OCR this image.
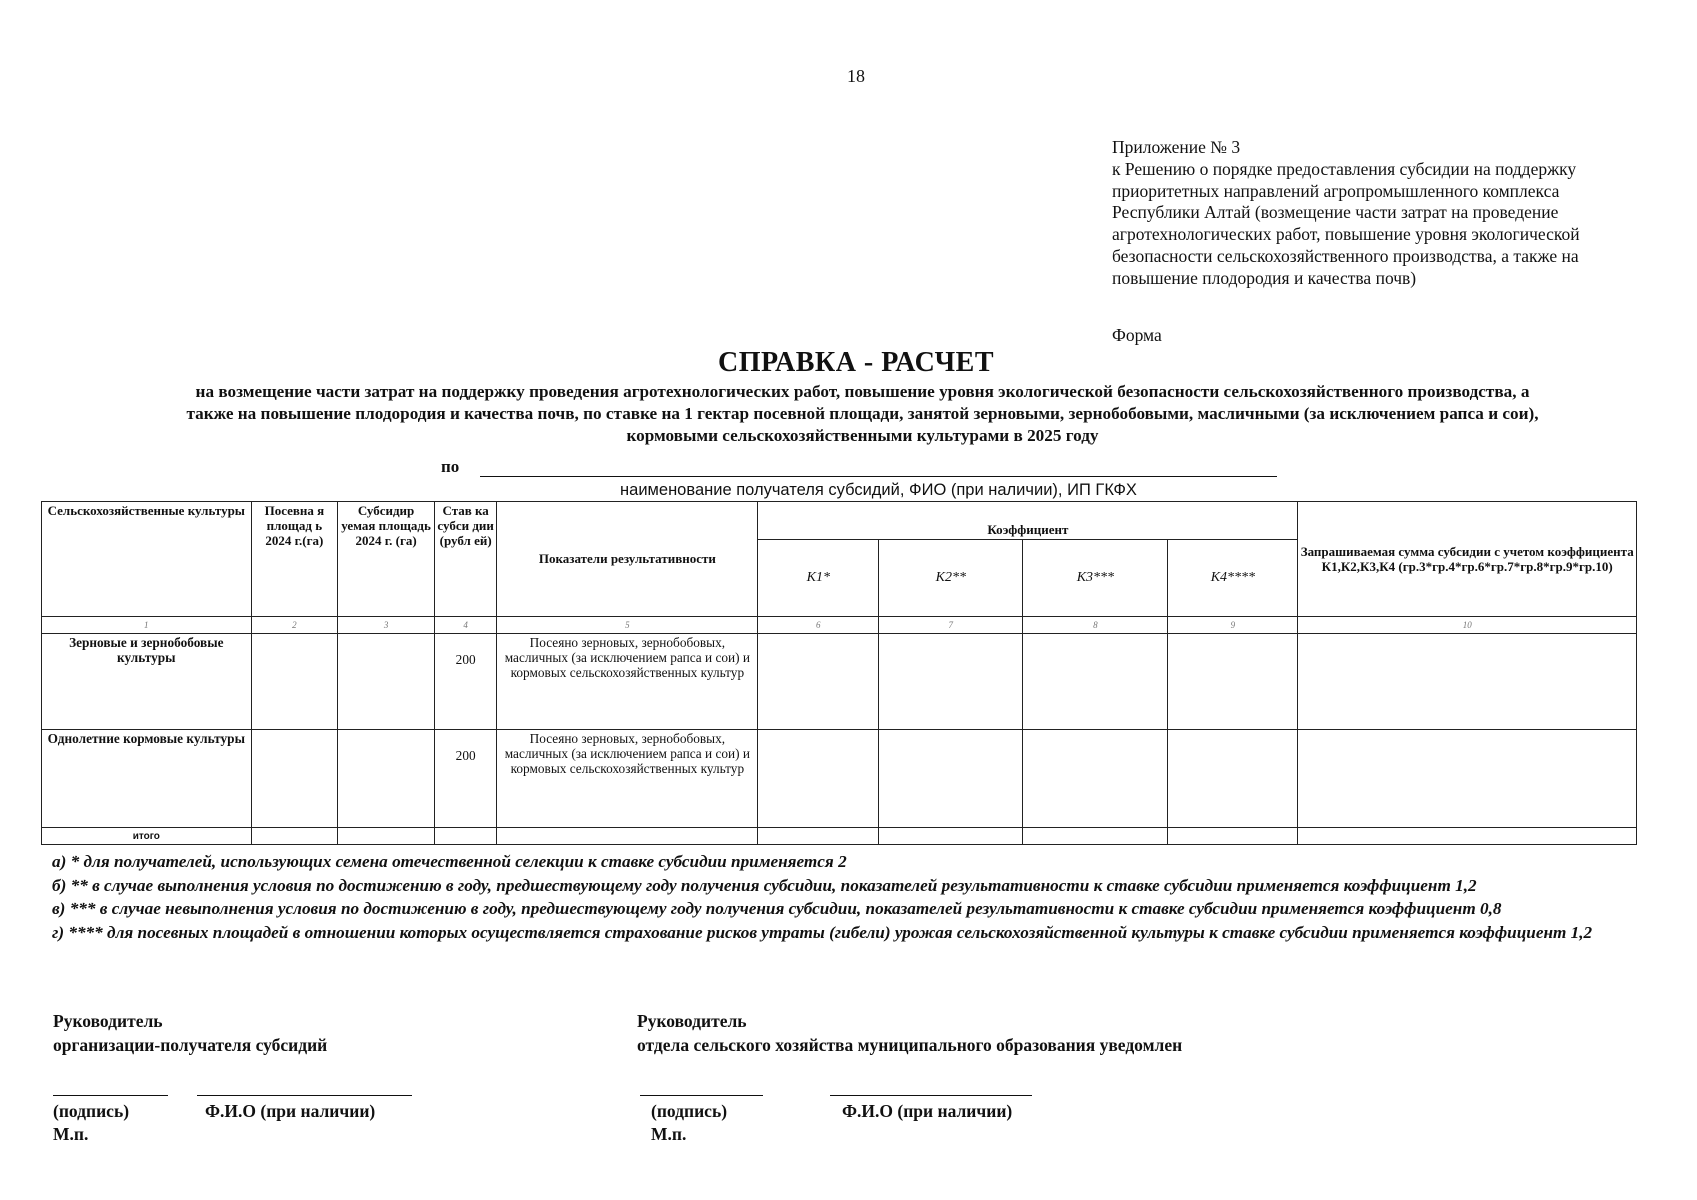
18
Приложение № 3
к Решению о порядке предоставления субсидии на поддержку
приоритетных направлений агропромышленного комплекса
Республики Алтай (возмещение части затрат на проведение
агротехнологических работ, повышение уровня экологической
безопасности сельскохозяйственного производства, а также на
повышение плодородия и качества почв)
Форма
СПРАВКА - РАСЧЕТ
на возмещение части затрат на поддержку проведения агротехнологических работ, повышение уровня экологической безопасности сельскохозяйственного производства, а
также на повышение плодородия и качества почв, по ставке на 1 гектар посевной площади, занятой зерновыми, зернобобовыми, масличными (за исключением рапса и сои),
кормовыми сельскохозяйственными культурами в 2025 году
по
наименование получателя субсидий, ФИО (при наличии), ИП ГКФХ
Сельскохозяйственные культуры	Посевна я площад ь 2024 г.(га)	Субсидир уемая площадь 2024 г. (га)	Став ка субси дии (рубл ей)	Показатели результативности	Коэффициент				Запрашиваемая сумма субсидии с учетом коэффициента К1,К2,К3,К4 (гр.3*гр.4*гр.6*гр.7*гр.8*гр.9*гр.10)
					К1*	К2**	К3***	К4****	
1	2	3	4	5	6	7	8	9	10
Зерновые и зернобобовые культуры			200	Посеяно зерновых, зернобобовых, масличных (за исключением рапса и сои) и кормовых сельскохозяйственных культур					
Однолетние кормовые культуры			200	Посеяно зерновых, зернобобовых, масличных (за исключением рапса и сои) и кормовых сельскохозяйственных культур					
итого									

а) * для получателей, использующих семена отечественной селекции к ставке субсидии применяется 2

б) ** в случае выполнения условия по достижению в году, предшествующему году получения субсидии, показателей результативности к ставке субсидии применяется коэффициент 1,2

в) *** в случае невыполнения условия по достижению в году, предшествующему году получения субсидии, показателей результативности к ставке субсидии применяется коэффициент 0,8

г) **** для посевных площадей в отношении которых осуществляется страхование рисков утраты (гибели) урожая сельскохозяйственной культуры к ставке субсидии применяется коэффициент 1,2

Руководитель
организации-получателя субсидий
(подпись)	Ф.И.О (при наличии)
М.п.
Руководитель
отдела сельского хозяйства муниципального образования уведомлен
(подпись)	Ф.И.О (при наличии)
М.п.
